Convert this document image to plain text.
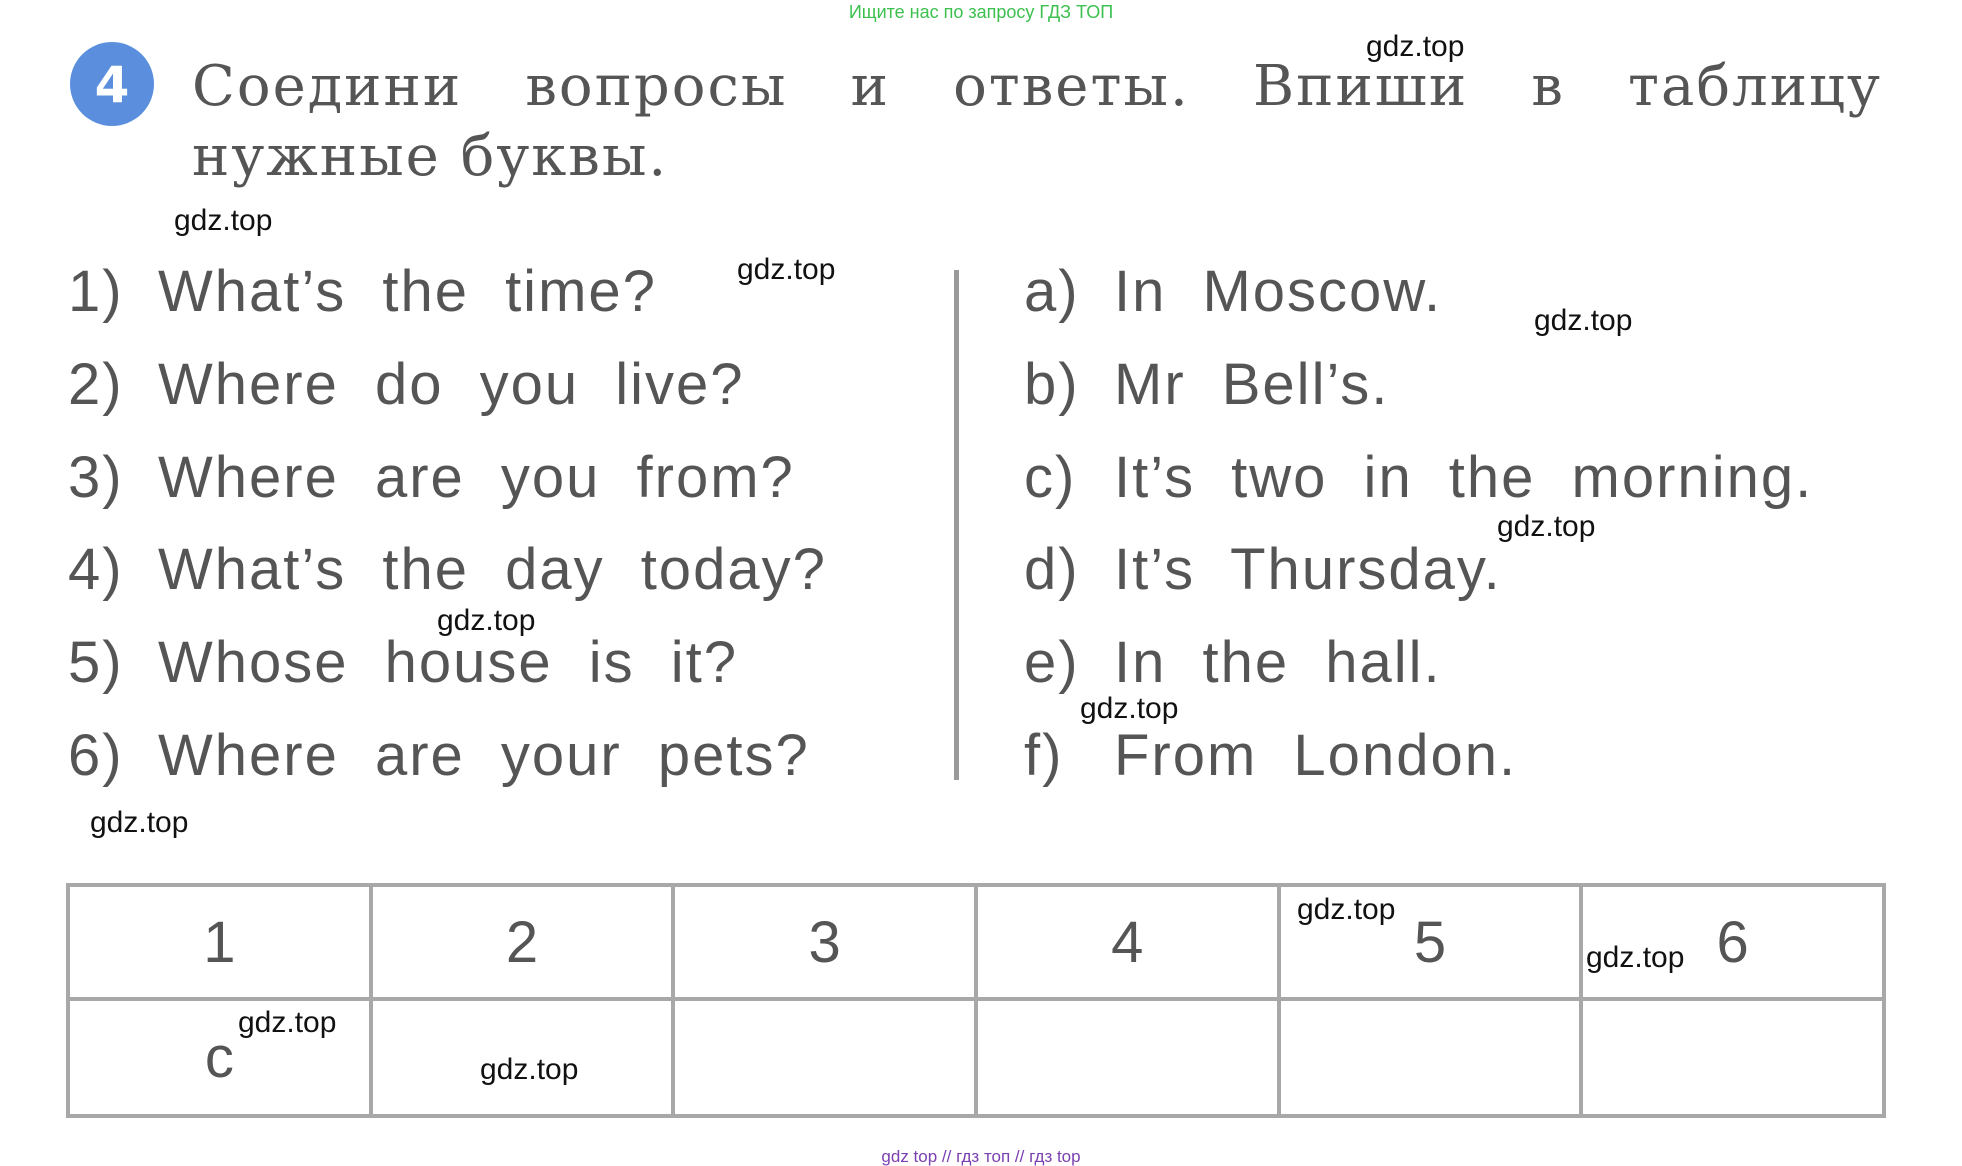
Ищите нас по запросу ГДЗ ТОП
4	Соедини вопросы и ответы. Впиши в таблицу
нужные буквы.
1) What’s the time?
2) Where do you live?
3) Where are you from?
4) What’s the day today?
5) Whose house is it?
6) Where are your pets?
a) In Moscow.
b) Mr Bell’s.
c) It’s two in the morning.
d) It’s Thursday.
e) In the hall.
f) From London.
1	2	3	4	5	6
c					
gdz.top
gdz.top
gdz.top
gdz.top
gdz.top
gdz.top
gdz.top
gdz.top
gdz.top
gdz.top
gdz.top
gdz.top
gdz top // гдз топ // гдз top
